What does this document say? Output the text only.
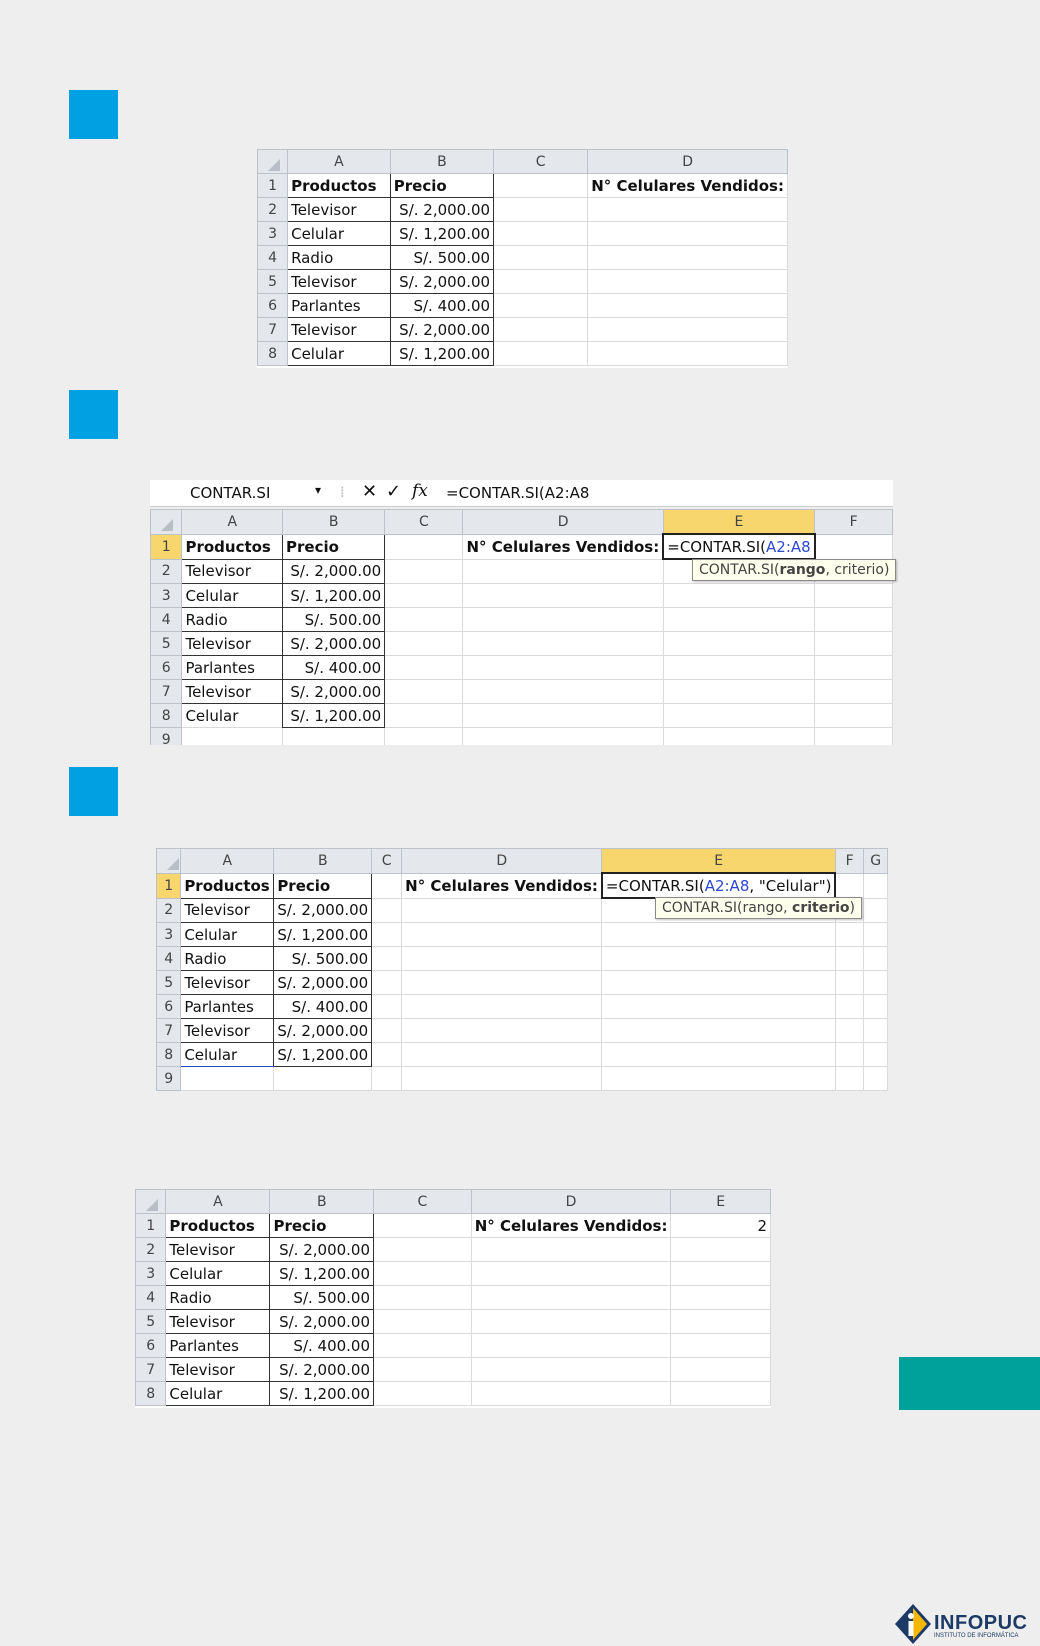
	A	B	C	D
1	Productos	Precio		N° Celulares Vendidos:
2	Televisor	S/. 2,000.00		
3	Celular	S/. 1,200.00		
4	Radio	S/. 500.00		
5	Televisor	S/. 2,000.00		
6	Parlantes	S/. 400.00		
7	Televisor	S/. 2,000.00		
8	Celular	S/. 1,200.00		
CONTAR.SI	▾ ⁞ ✕ ✓ fx =CONTAR.SI(A2:A8
	A	B	C	D	E	F
1	Productos	Precio		N° Celulares Vendidos:	=CONTAR.SI(A2:A8	
2	Televisor	S/. 2,000.00				
3	Celular	S/. 1,200.00				
4	Radio	S/. 500.00				
5	Televisor	S/. 2,000.00				
6	Parlantes	S/. 400.00				
7	Televisor	S/. 2,000.00				
8	Celular	S/. 1,200.00				
9						
CONTAR.SI(rango, criterio)
	A	B	C	D	E	F	G
1	Productos	Precio		N° Celulares Vendidos:	=CONTAR.SI(A2:A8, "Celular")		
2	Televisor	S/. 2,000.00					
3	Celular	S/. 1,200.00					
4	Radio	S/. 500.00					
5	Televisor	S/. 2,000.00					
6	Parlantes	S/. 400.00					
7	Televisor	S/. 2,000.00					
8	Celular	S/. 1,200.00					
9							
CONTAR.SI(rango, criterio)
	A	B	C	D	E
1	Productos	Precio		N° Celulares Vendidos:	2
2	Televisor	S/. 2,000.00			
3	Celular	S/. 1,200.00			
4	Radio	S/. 500.00			
5	Televisor	S/. 2,000.00			
6	Parlantes	S/. 400.00			
7	Televisor	S/. 2,000.00			
8	Celular	S/. 1,200.00			
INFOPUC
INSTITUTO DE INFORMÁTICA
